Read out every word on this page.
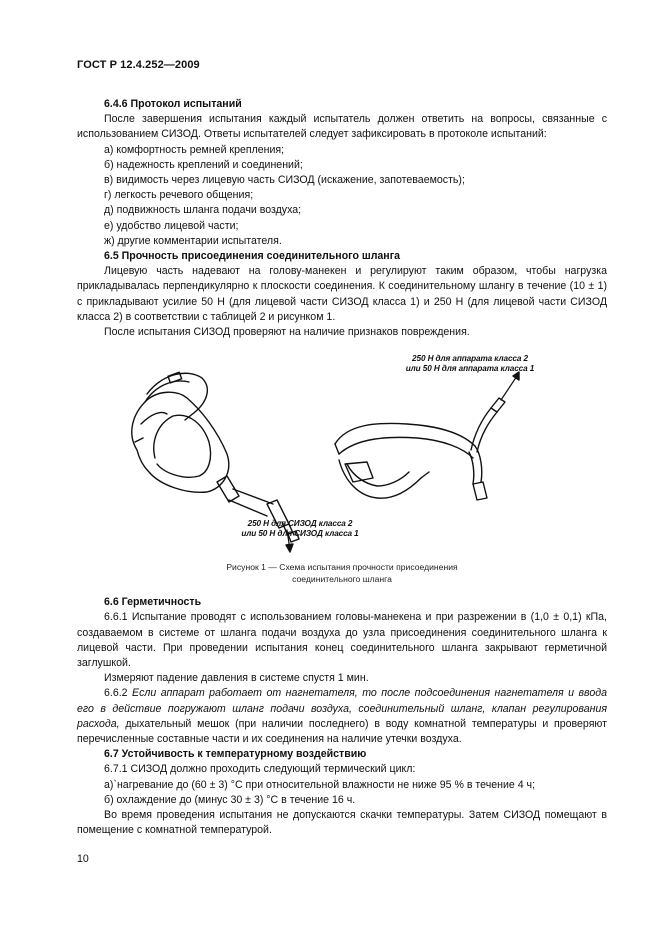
ГОСТ Р 12.4.252—2009
6.4.6 Протокол испытаний
После завершения испытания каждый испытатель должен ответить на вопросы, связанные с использованием СИЗОД. Ответы испытателей следует зафиксировать в протоколе испытаний:
а) комфортность ремней крепления;
б) надежность креплений и соединений;
в) видимость через лицевую часть СИЗОД (искажение, запотеваемость);
г) легкость речевого общения;
д) подвижность шланга подачи воздуха;
е) удобство лицевой части;
ж) другие комментарии испытателя.
6.5 Прочность присоединения соединительного шланга
Лицевую часть надевают на голову-манекен и регулируют таким образом, чтобы нагрузка прикладывалась перпендикулярно к плоскости соединения. К соединительному шлангу в течение (10 ± 1) с прикладывают усилие 50 Н (для лицевой части СИЗОД класса 1) и 250 Н (для лицевой части СИЗОД класса 2) в соответствии с таблицей 2 и рисунком 1.
После испытания СИЗОД проверяют на наличие признаков повреждения.
250 Н для СИЗОД класса 2
или 50 Н для СИЗОД класса 1
250 Н для аппарата класса 2
или 50 Н для аппарата класса 1
Рисунок 1 — Схема испытания прочности присоединения
соединительного шланга
6.6 Герметичность
6.6.1 Испытание проводят с использованием головы-манекена и при разрежении в (1,0 ± 0,1) кПа, создаваемом в системе от шланга подачи воздуха до узла присоединения соединительного шланга к лицевой части. При проведении испытания конец соединительного шланга закрывают герметичной заглушкой.
Измеряют падение давления в системе спустя 1 мин.
6.6.2 Если аппарат работает от нагнетателя, то после подсоединения нагнетателя и ввода его в действие погружают шланг подачи воздуха, соединительный шланг, клапан регулирования расхода, дыхательный мешок (при наличии последнего) в воду комнатной температуры и проверяют перечисленные составные части и их соединения на наличие утечки воздуха.
6.7 Устойчивость к температурному воздействию
6.7.1 СИЗОД должно проходить следующий термический цикл:
а)`нагревание до (60 ± 3) °С при относительной влажности не ниже 95 % в течение 4 ч;
б) охлаждение до (минус 30 ± 3) °С в течение 16 ч.
Во время проведения испытания не допускаются скачки температуры. Затем СИЗОД помещают в помещение с комнатной температурой.
10
